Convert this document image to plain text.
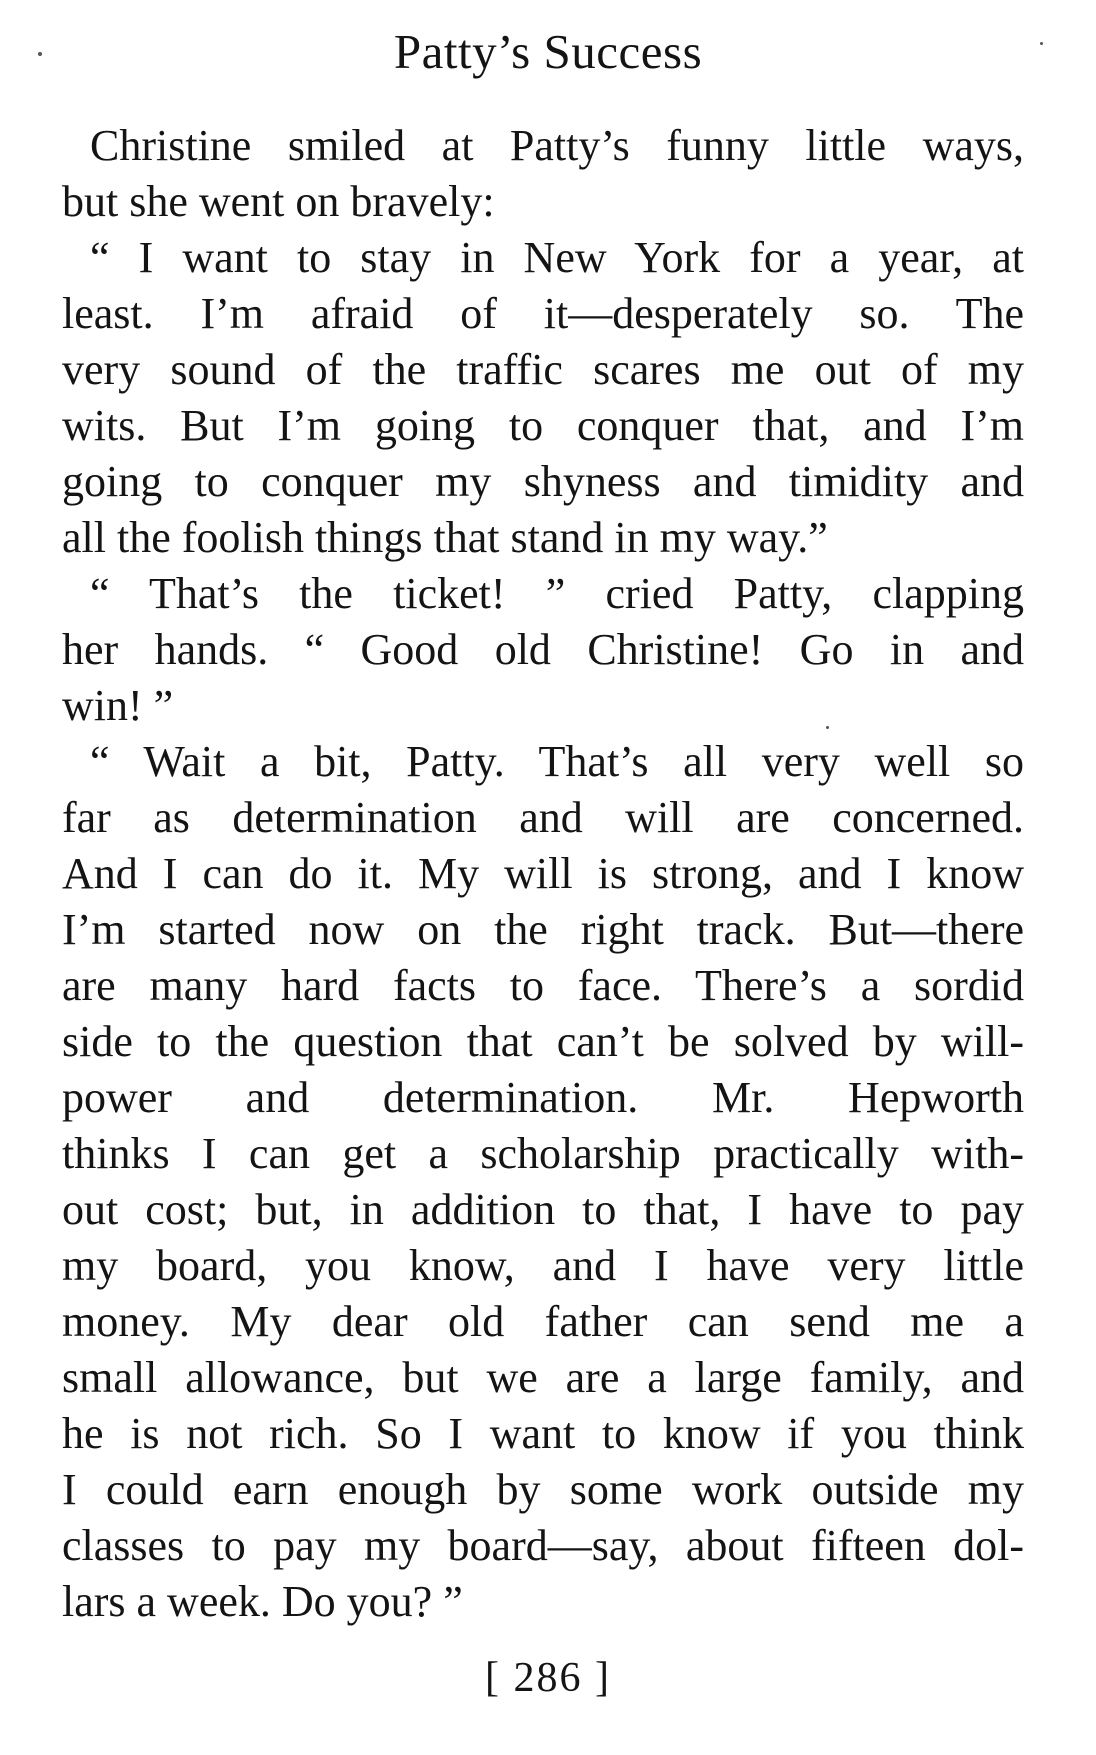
Patty’s Success
Christine smiled at Patty’s funny little ways,
but she went on bravely:
“ I want to stay in New York for a year, at
least. I’m afraid of it—desperately so. The
very sound of the traffic scares me out of my
wits. But I’m going to conquer that, and I’m
going to conquer my shyness and timidity and
all the foolish things that stand in my way.”
“ That’s the ticket! ” cried Patty, clapping
her hands. “ Good old Christine! Go in and
win! ”
“ Wait a bit, Patty. That’s all very well so
far as determination and will are concerned.
And I can do it. My will is strong, and I know
I’m started now on the right track. But—there
are many hard facts to face. There’s a sordid
side to the question that can’t be solved by will-
power and determination. Mr. Hepworth
thinks I can get a scholarship practically with-
out cost; but, in addition to that, I have to pay
my board, you know, and I have very little
money. My dear old father can send me a
small allowance, but we are a large family, and
he is not rich. So I want to know if you think
I could earn enough by some work outside my
classes to pay my board—say, about fifteen dol-
lars a week. Do you? ”
[ 286 ]
